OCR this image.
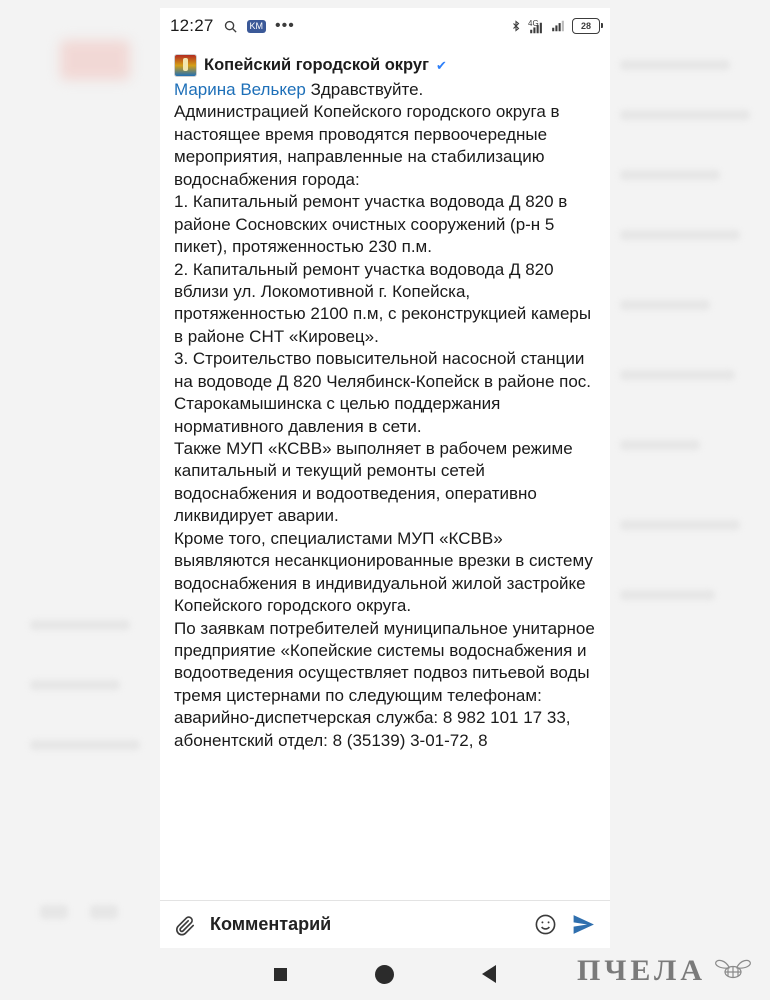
12:27	KM •••	4G	28
Копейский городской округ ✔

Марина Велькер Здравствуйте.

Администрацией Копейского городского округа в настоящее время проводятся первоочередные мероприятия, направленные на стабилизацию водоснабжения города:

1. Капитальный ремонт участка водовода Д 820 в районе Сосновских очистных сооружений (р-н 5 пикет), протяженностью 230 п.м.

2. Капитальный ремонт участка водовода Д 820 вблизи ул. Локомотивной г. Копейска, протяженностью 2100 п.м, с реконструкцией камеры в районе СНТ «Кировец».

3. Строительство повысительной насосной станции на водоводе Д 820 Челябинск-Копейск в районе пос. Старокамышинска с целью поддержания нормативного давления в сети.

Также МУП «КСВВ» выполняет в рабочем режиме капитальный и текущий ремонты сетей водоснабжения и водоотведения, оперативно ликвидирует аварии.

Кроме того, специалистами МУП «КСВВ» выявляются несанкционированные врезки в систему водоснабжения в индивидуальной жилой застройке Копейского городского округа.

По заявкам потребителей муниципальное унитарное предприятие «Копейские системы водоснабжения и водоотведения осуществляет подвоз питьевой воды тремя цистернами по следующим телефонам: аварийно-диспетчерская служба: 8 982 101 17 33,

абонентский отдел: 8 (35139) 3-01-72, 8

Комментарий
ПЧЕЛА
